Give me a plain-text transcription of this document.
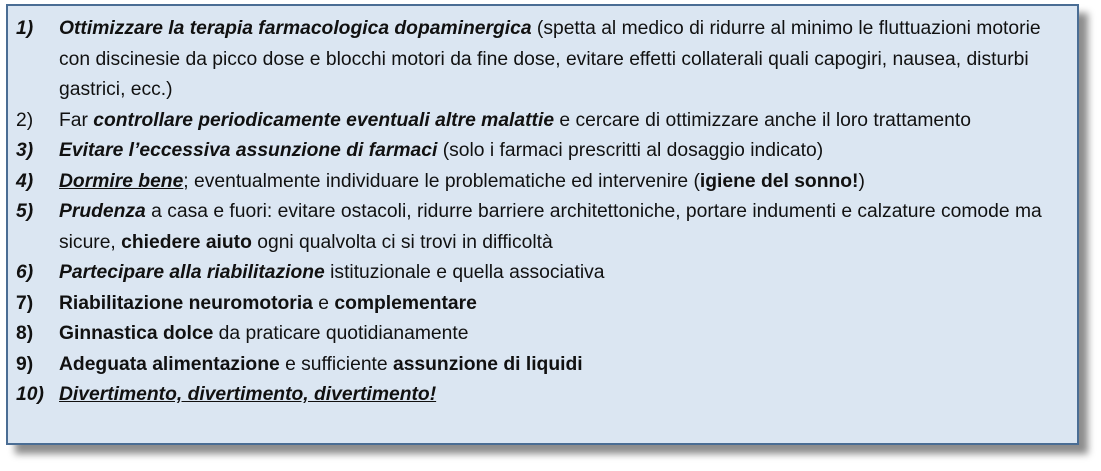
1)	Ottimizzare la terapia farmacologica dopaminergica (spetta al medico di ridurre al minimo le fluttuazioni motorie con discinesie da picco dose e blocchi motori da fine dose, evitare effetti collaterali quali capogiri, nausea, disturbi gastrici, ecc.)
2)	Far controllare periodicamente eventuali altre malattie e cercare di ottimizzare anche il loro trattamento
3)	Evitare l’eccessiva assunzione di farmaci (solo i farmaci prescritti al dosaggio indicato)
4)	Dormire bene; eventualmente individuare le problematiche ed intervenire (igiene del sonno!)
5)	Prudenza a casa e fuori: evitare ostacoli, ridurre barriere architettoniche, portare indumenti e calzature comode ma sicure, chiedere aiuto ogni qualvolta ci si trovi in difficoltà
6)	Partecipare alla riabilitazione istituzionale e quella associativa
7)	Riabilitazione neuromotoria e complementare
8)	Ginnastica dolce da praticare quotidianamente
9)	Adeguata alimentazione e sufficiente assunzione di liquidi
10) Divertimento, divertimento, divertimento!
